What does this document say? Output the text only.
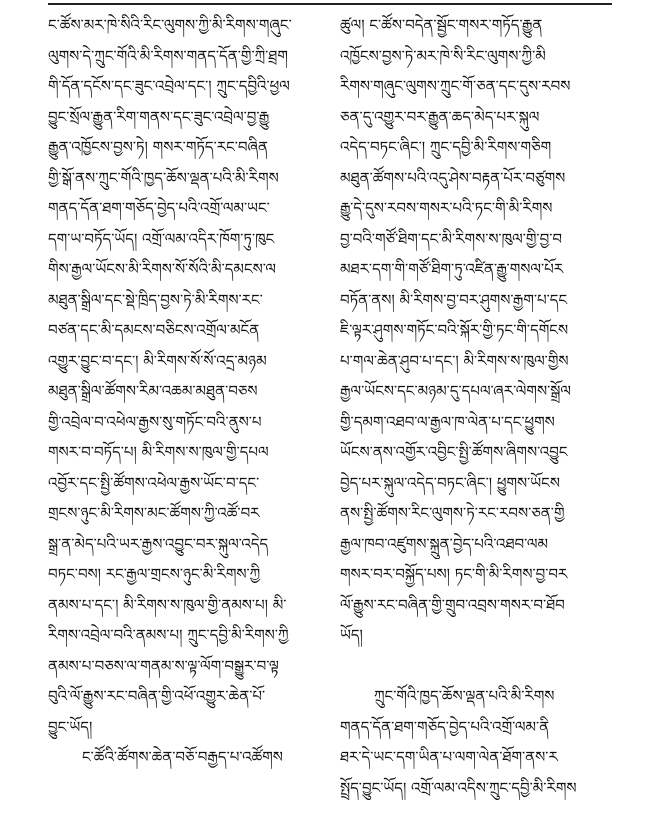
ང་ཚོས་མར་ཁེ་སིའི་རིང་ལུགས་ཀྱི་མི་རིགས་གཞུང་
ལུགས་དེ་ཀྲུང་གོའི་མི་རིགས་གནད་དོན་གྱི་ཀྲི་ཐྲག
གི་དོན་དངོས་དང་ཟུང་འབྲེལ་དང་། ཀྲུང་དབྱིའི་ཕྱལ
བྱུང་སྲོལ་རྒྱུན་རིག་གནས་དང་ཟུང་འབྲེལ་བྱ་རྒྱུ
རྒྱུན་འཁྱོངས་བྱས་ཏེ། གསར་གཏོད་རང་བཞིན
གྱི་སྒོ་ནས་ཀྲུང་གོའི་ཁྱད་ཆོས་ལྡན་པའི་མི་རིགས
གནད་དོན་ཐག་གཅོད་བྱེད་པའི་འགྲོ་ལམ་ཡང་
དག་ཡ་བཏོད་ཡོད། འགྲོ་ལམ་འདིར་ཁོག་ཏུ་ཁུང
གིས་རྒྱལ་ཡོངས་མི་རིགས་སོ་སོའི་མི་དམངས་ལ
མཐུན་སྒྲིལ་དང་སྡེ་ཁྲིད་བྱས་ཏེ་མི་རིགས་རང་
བཙན་དང་མི་དམངས་བཅིངས་འགྲོལ་མངོན
འགྱུར་བྱུང་བ་དང་། མི་རིགས་སོ་སོ་འདྲ་མཉམ
མཐུན་སྒྲིལ་ཚོགས་རིམ་འཆམ་མཐུན་བཅས
གྱི་འབྲེལ་བ་འཕེལ་རྒྱས་སུ་གཏོང་བའི་ནུས་པ
གསར་བ་བཏོད་པ། མི་རིགས་ས་ཁུལ་གྱི་དཔལ
འབྱོར་དང་སྤྱི་ཚོགས་འཕེལ་རྒྱས་ཡོང་བ་དང་
གྲངས་ཉུང་མི་རིགས་མང་ཚོགས་ཀྱི་འཚོ་བར
སྒྲ་ན་མེད་པའི་ཡར་རྒྱས་འབྱུང་བར་སྐུལ་འདེད
བཏང་བས། རང་རྒྱལ་གྲངས་ཉུང་མི་རིགས་ཀྱི
ནམས་པ་དང་། མི་རིགས་ས་ཁུལ་གྱི་ནམས་པ། མི་
རིགས་འབྲེལ་བའི་ནམས་པ། ཀྲུང་དབྱི་མི་རིགས་ཀྱི
ནམས་པ་བཅས་ལ་གནམ་ས་ལྟ་ལོག་བསྒྱུར་བ་ལྟ
བུའི་ལོ་རྒྱུས་རང་བཞིན་གྱི་འཕོ་འགྱུར་ཆེན་པོ་
བྱུང་ཡོད།
ང་ཚོའི་ཚོགས་ཆེན་བཅོ་བརྒྱད་པ་འཚོགས
ཚུལ། ང་ཚོས་བདེན་སྦྱོང་གསར་གཏོད་རྒྱུན
འཁྱོངས་བྱས་ཏེ་མར་ཁེ་སི་རིང་ལུགས་ཀྱི་མི
རིགས་གཞུང་ལུགས་ཀྲུང་གོ་ཅན་དང་དུས་རབས
ཅན་དུ་འགྱུར་བར་རྒྱུན་ཆད་མེད་པར་སྐུལ
འདེད་བཏང་ཞིང་། ཀྲུང་དབྱི་མི་རིགས་གཅིག
མཐུན་ཚོགས་པའི་འདུ་ཤེས་བརྟན་པོར་བཙུགས
རྒྱུ་དེ་དུས་རབས་གསར་པའི་ཏང་གི་མི་རིགས
བྱ་བའི་གཙོ་ཐིག་དང་མི་རིགས་ས་ཁུལ་གྱི་བྱ་བ
མཐར་དག་གི་གཙོ་ཐིག་ཏུ་འཛིན་རྒྱུ་གསལ་པོར
བཏོན་ནས། མི་རིགས་བྱ་བར་ཤུགས་རྒྱག་པ་དང
ཇི་ལྟར་ཤུགས་གཏོང་བའི་སྐོར་གྱི་ཏང་གི་དགོངས
པ་གལ་ཆེན་ཤུབ་པ་དང་། མི་རིགས་ས་ཁུལ་གྱིས
རྒྱལ་ཡོངས་དང་མཉམ་དུ་དཔལ་ཞར་ལེགས་སྒྲོལ
གྱི་དམག་འཐབ་ལ་རྒྱལ་ཁ་ལེན་པ་དང་ཕྱུགས
ཡོངས་ནས་འགྱོར་འབྱིང་སྤྱི་ཚོགས་ཞིགས་འབྱུང
བྱེད་པར་སྐུལ་འདེད་བཏང་ཞིང་། ཕྱུགས་ཡོངས
ནས་སྤྱི་ཚོགས་རིང་ལུགས་ཏེ་རང་རབས་ཅན་གྱི
རྒྱལ་ཁབ་འཛུགས་སྐྲུན་བྱེད་པའི་འཐབ་ལམ
གསར་བར་བསྐྱོད་པས། ཏང་གི་མི་རིགས་བྱ་བར
ལོ་རྒྱུས་རང་བཞིན་གྱི་གྲུབ་འབྲས་གསར་བ་ཐོབ
ཡོད།
ཀྲུང་གོའི་ཁྱད་ཆོས་ལྡན་པའི་མི་རིགས
གནད་དོན་ཐག་གཅོད་བྱེད་པའི་འགྲོ་ལམ་ནི
ཐར་དེ་ཡང་དག་ཡིན་པ་ལག་ལེན་ཐོག་ནས་ར
སྤྲོད་བྱུང་ཡོད། འགྲོ་ལམ་འདིས་ཀྲུང་དབྱི་མི་རིགས
